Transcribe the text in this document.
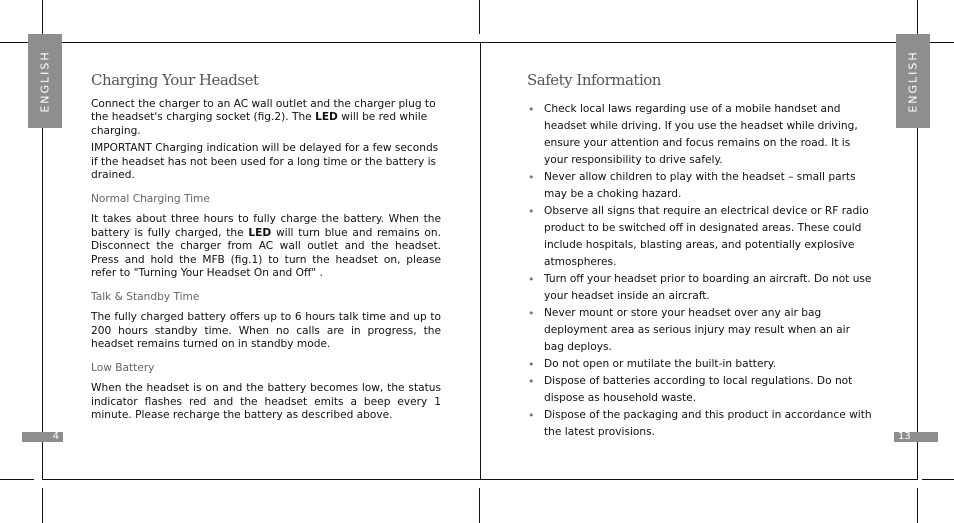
ENGLISH	ENGLISH
4	13
Charging Your Headset

Connect the charger to an AC wall outlet and the charger plug to the headset's charging socket (fig.2). The LED will be red while charging.

IMPORTANT Charging indication will be delayed for a few seconds if the headset has not been used for a long time or the battery is drained.

Normal Charging Time

It takes about three hours to fully charge the battery. When the battery is fully charged, the LED will turn blue and remains on. Disconnect the charger from AC wall outlet and the headset. Press and hold the MFB (fig.1) to turn the headset on, please refer to "Turning Your Headset On and Off" .

Talk & Standby Time

The fully charged battery offers up to 6 hours talk time and up to 200 hours standby time. When no calls are in progress, the headset remains turned on in standby mode.

Low Battery

When the headset is on and the battery becomes low, the status indicator flashes red and the headset emits a beep every 1 minute. Please recharge the battery as described above.

Safety Information
• Check local laws regarding use of a mobile handset and headset while driving. If you use the headset while driving, ensure your attention and focus remains on the road. It is your responsibility to drive safely.
• Never allow children to play with the headset – small parts may be a choking hazard.
• Observe all signs that require an electrical device or RF radio product to be switched off in designated areas. These could include hospitals, blasting areas, and potentially explosive atmospheres.
• Turn off your headset prior to boarding an aircraft. Do not use your headset inside an aircraft.
• Never mount or store your headset over any air bag deployment area as serious injury may result when an air bag deploys.
• Do not open or mutilate the built-in battery.
• Dispose of batteries according to local regulations. Do not dispose as household waste.
• Dispose of the packaging and this product in accordance with the latest provisions.
